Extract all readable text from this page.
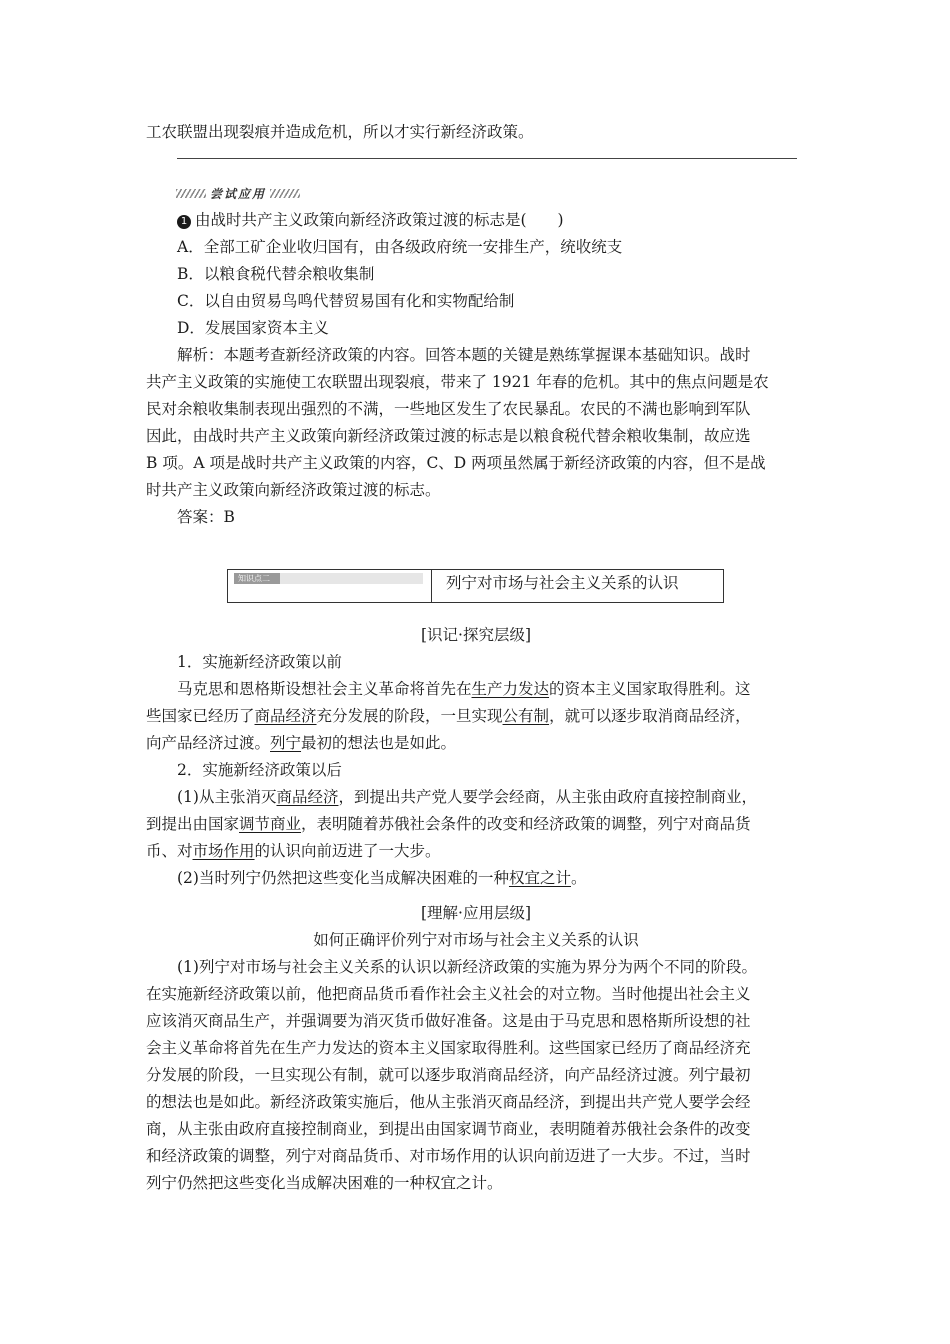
工农联盟出现裂痕并造成危机，所以才实行新经济政策。
尝试应用
1 由战时共产主义政策向新经济政策过渡的标志是(　　)
A．全部工矿企业收归国有，由各级政府统一安排生产，统收统支
B．以粮食税代替余粮收集制
C．以自由贸易鸟鸣代替贸易国有化和实物配给制
D．发展国家资本主义
解析：本题考查新经济政策的内容。回答本题的关键是熟练掌握课本基础知识。战时
共产主义政策的实施使工农联盟出现裂痕，带来了 1921 年春的危机。其中的焦点问题是农
民对余粮收集制表现出强烈的不满，一些地区发生了农民暴乱。农民的不满也影响到军队
因此，由战时共产主义政策向新经济政策过渡的标志是以粮食税代替余粮收集制，故应选
B 项。A 项是战时共产主义政策的内容，C、D 两项虽然属于新经济政策的内容，但不是战
时共产主义政策向新经济政策过渡的标志。
答案：B
知识点二	列宁对市场与社会主义关系的认识
[识记·探究层级]
1．实施新经济政策以前
马克思和恩格斯设想社会主义革命将首先在生产力发达的资本主义国家取得胜利。这
些国家已经历了商品经济充分发展的阶段，一旦实现公有制，就可以逐步取消商品经济，
向产品经济过渡。列宁最初的想法也是如此。
2．实施新经济政策以后
(1)从主张消灭商品经济，到提出共产党人要学会经商，从主张由政府直接控制商业，
到提出由国家调节商业，表明随着苏俄社会条件的改变和经济政策的调整，列宁对商品货
币、对市场作用的认识向前迈进了一大步。
(2)当时列宁仍然把这些变化当成解决困难的一种权宜之计。
[理解·应用层级]
如何正确评价列宁对市场与社会主义关系的认识
(1)列宁对市场与社会主义关系的认识以新经济政策的实施为界分为两个不同的阶段。
在实施新经济政策以前，他把商品货币看作社会主义社会的对立物。当时他提出社会主义
应该消灭商品生产，并强调要为消灭货币做好准备。这是由于马克思和恩格斯所设想的社
会主义革命将首先在生产力发达的资本主义国家取得胜利。这些国家已经历了商品经济充
分发展的阶段，一旦实现公有制，就可以逐步取消商品经济，向产品经济过渡。列宁最初
的想法也是如此。新经济政策实施后，他从主张消灭商品经济，到提出共产党人要学会经
商，从主张由政府直接控制商业，到提出由国家调节商业，表明随着苏俄社会条件的改变
和经济政策的调整，列宁对商品货币、对市场作用的认识向前迈进了一大步。不过，当时
列宁仍然把这些变化当成解决困难的一种权宜之计。
